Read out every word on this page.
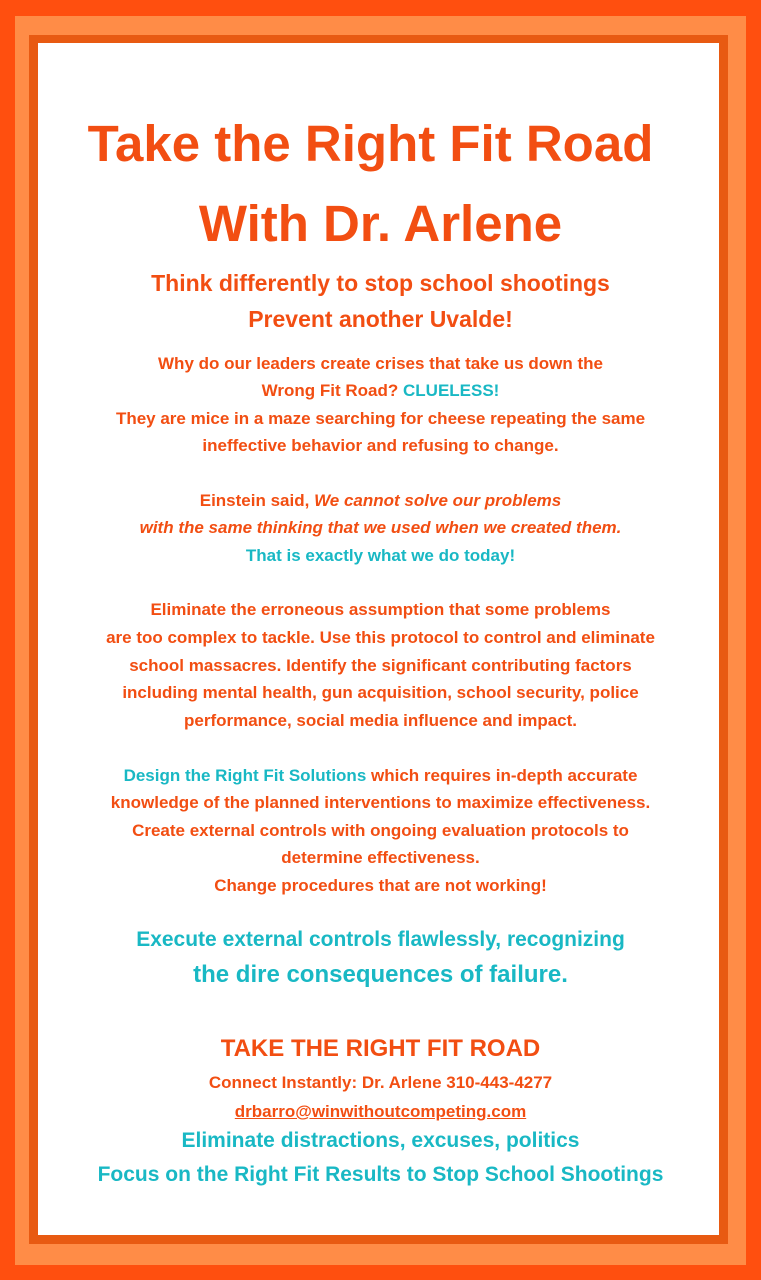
Take the Right Fit Road
With Dr. Arlene
Think differently to stop school shootings
Prevent another Uvalde!
Why do our leaders create crises that take us down the
Wrong Fit Road? CLUELESS!
They are mice in a maze searching for cheese repeating the same
ineffective behavior and refusing to change.
Einstein said, We cannot solve our problems
with the same thinking that we used when we created them.
That is exactly what we do today!
Eliminate the erroneous assumption that some problems
are too complex to tackle. Use this protocol to control and eliminate
school massacres. Identify the significant contributing factors
including mental health, gun acquisition, school security, police
performance, social media influence and impact.
Design the Right Fit Solutions which requires in-depth accurate
knowledge of the planned interventions to maximize effectiveness.
Create external controls with ongoing evaluation protocols to
determine effectiveness.
Change procedures that are not working!
Execute external controls flawlessly, recognizing
the dire consequences of failure.
TAKE THE RIGHT FIT ROAD
Connect Instantly: Dr. Arlene 310-443-4277
drbarro@winwithoutcompeting.com
Eliminate distractions, excuses, politics
Focus on the Right Fit Results to Stop School Shootings
